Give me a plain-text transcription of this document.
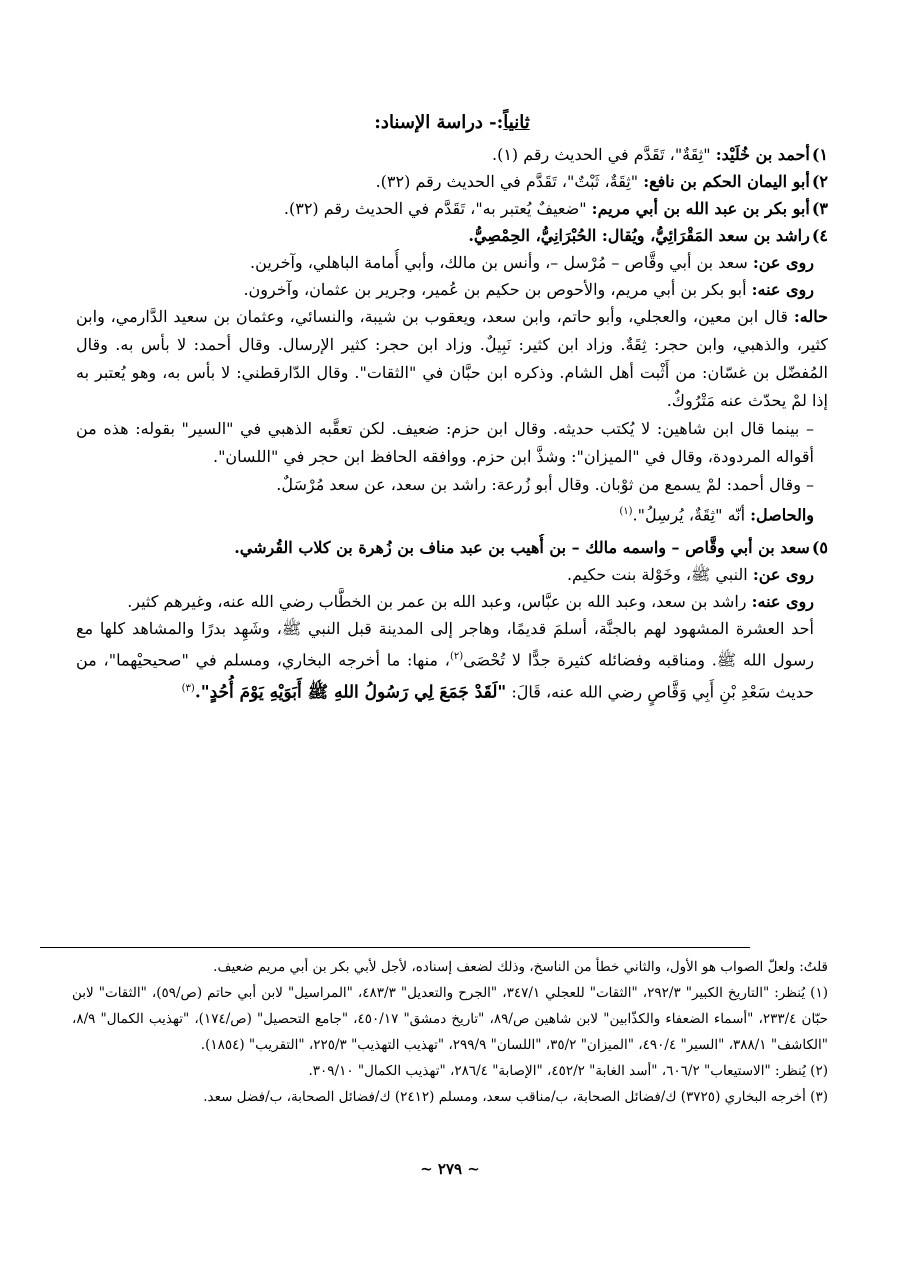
ثانياً:- دراسة الإسناد:

١)أحمد بن خُلَيْد: "ثِقَةٌ"، تَقَدَّم في الحديث رقم (١).

٢)أبو اليمان الحكم بن نافع: "ثِقَةٌ، ثَبْتٌ"، تَقَدَّم في الحديث رقم (٣٢).

٣)أبو بكر بن عبد الله بن أبي مريم: "ضعيفٌ يُعتبر به"، تَقَدَّم في الحديث رقم (٣٢).

٤)راشد بن سعد المَقْرَائِيُّ، ويُقال: الحُبْرَانِيُّ، الحِمْصِيُّ.

روى عن: سعد بن أبي وقَّاص – مُرْسل –، وأنس بن مالك، وأبي أُمامة الباهلي، وآخرين.

روى عنه: أبو بكر بن أبي مريم، والأحوص بن حكيم بن عُمير، وجرير بن عثمان، وآخرون.

حاله: قال ابن معين، والعجلي، وأبو حاتم، وابن سعد، ويعقوب بن شيبة، والنسائي، وعثمان بن سعيد الدَّارمي، وابن كثير، والذهبي، وابن حجر: ثِقَةٌ. وزاد ابن كثير: نَبِيلٌ. وزاد ابن حجر: كثير الإرسال. وقال أحمد: لا بأس به. وقال المُفضّل بن غسّان: من أَثْبت أهل الشام. وذكره ابن حبَّان في "الثقات". وقال الدّارقطني: لا بأس به، وهو يُعتبر به إذا لمْ يحدّث عنه مَتْرُوكٌ.

– بينما قال ابن شاهين: لا يُكتب حديثه. وقال ابن حزم: ضعيف. لكن تعقَّبه الذهبي في "السير" بقوله: هذه من أقواله المردودة، وقال في "الميزان": وشذَّ ابن حزم. ووافقه الحافظ ابن حجر في "اللسان".

– وقال أحمد: لمْ يسمع من ثوْبان. وقال أبو زُرعة: راشد بن سعد، عن سعد مُرْسَلٌ.

والحاصل: أنّه "ثِقَةٌ، يُرسِلُ".$^{(١)}$

٥)سعد بن أبي وقَّاص – واسمه مالك – بن أُهيب بن عبد مناف بن زُهرة بن كلاب القُرشي.

روى عن: النبي ﷺ، وخَوْلة بنت حكيم.

روى عنه: راشد بن سعد، وعبد الله بن عبَّاس، وعبد الله بن عمر بن الخطَّاب رضي الله عنه، وغيرهم كثير.

أحد العشرة المشهود لهم بالجنَّة، أسلمَ قديمًا، وهاجر إلى المدينة قبل النبي ﷺ، وشَهِد بدرًا والمشاهد كلها مع رسول الله ﷺ. ومناقبه وفضائله كثيرة جدًّا لا تُحْصَى$^{(٢)}$، منها: ما أخرجه البخاري، ومسلم في "صحيحيْهما"، من حديث سَعْدِ بْنِ أَبِي وَقَّاصٍ رضي الله عنه، قَالَ: "لَقَدْ جَمَعَ لِي رَسُولُ اللهِ ﷺ أَبَوَيْهِ يَوْمَ أُحُدٍ".$^{(٣)}$

قلتُ: ولعلّ الصواب هو الأول، والثاني خطأ من الناسخ، وذلك لضعف إسناده، لأجل لأبي بكر بن أبي مريم ضعيف.

(١) يُنظر: "التاريخ الكبير" ٢٩٢/٣، "الثقات" للعجلي ٣٤٧/١، "الجرح والتعديل" ٤٨٣/٣، "المراسيل" لابن أبي حاتم (ص/٥٩)، "الثقات" لابن حبّان ٢٣٣/٤، "أسماء الضعفاء والكذّابين" لابن شاهين ص/٨٩، "تاريخ دمشق" ٤٥٠/١٧، "جامع التحصيل" (ص/١٧٤)، "تهذيب الكمال" ٨/٩، "الكاشف" ٣٨٨/١، "السير" ٤٩٠/٤، "الميزان" ٣٥/٢، "اللسان" ٢٩٩/٩، "تهذيب التهذيب" ٢٢٥/٣، "التقريب" (١٨٥٤).

(٢) يُنظر: "الاستيعاب" ٦٠٦/٢، "أسد الغابة" ٤٥٢/٢، "الإصابة" ٢٨٦/٤، "تهذيب الكمال" ٣٠٩/١٠.

(٣) أخرجه البخاري (٣٧٢٥) ك/فضائل الصحابة، ب/مناقب سعد، ومسلم (٢٤١٢) ك/فضائل الصحابة، ب/فضل سعد.

~ ٢٧٩ ~
